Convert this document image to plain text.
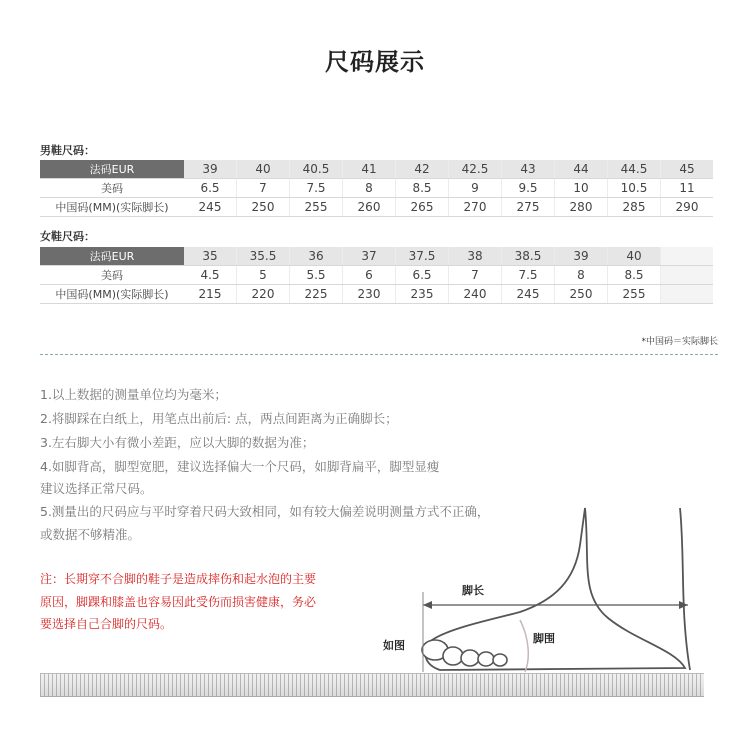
尺码展示
男鞋尺码：
法码EUR	39	40	40.5	41	42	42.5	43	44	44.5	45
美码	6.5	7	7.5	8	8.5	9	9.5	10	10.5	11
中国码(MM)(实际脚长)	245	250	255	260	265	270	275	280	285	290
女鞋尺码：
法码EUR	35	35.5	36	37	37.5	38	38.5	39	40	
美码	4.5	5	5.5	6	6.5	7	7.5	8	8.5	
中国码(MM)(实际脚长)	215	220	225	230	235	240	245	250	255	
*中国码＝实际脚长
1.以上数据的测量单位均为毫米；
2.将脚踩在白纸上，用笔点出前后: 点，两点间距离为正确脚长；
3.左右脚大小有微小差距，应以大脚的数据为准；
4.如脚背高，脚型宽肥，建议选择偏大一个尺码，如脚背扁平，脚型显瘦
建议选择正常尺码。
5.测量出的尺码应与平时穿着尺码大致相同，如有较大偏差说明测量方式不正确，
或数据不够精准。
注：长期穿不合脚的鞋子是造成摔伤和起水泡的主要
原因，脚踝和膝盖也容易因此受伤而损害健康，务必
要选择自己合脚的尺码。
脚长
脚围
如图
